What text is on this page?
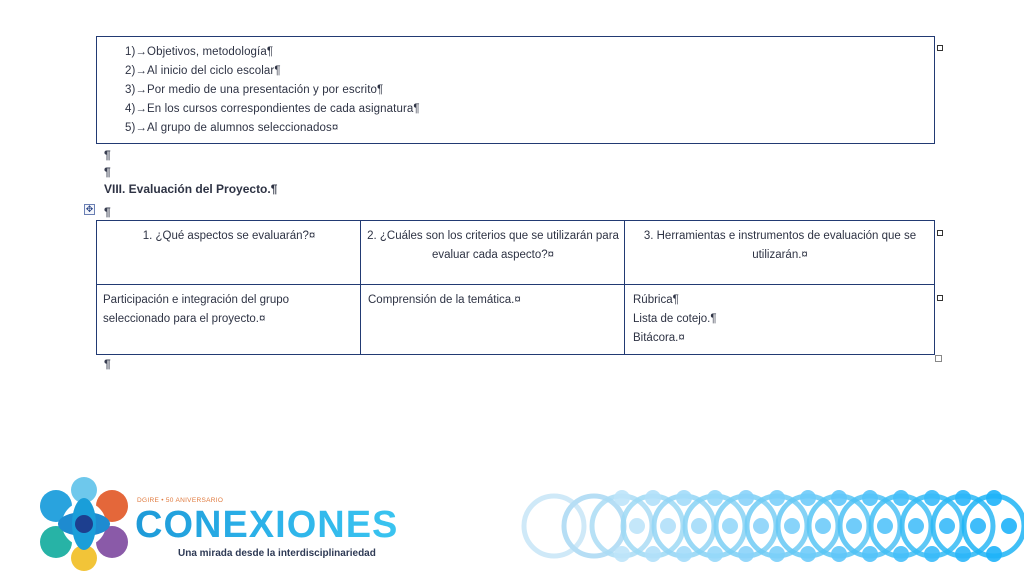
1)→Objetivos, metodología¶
2)→Al inicio del ciclo escolar¶
3)→Por medio de una presentación y por escrito¶
4)→En los cursos correspondientes de cada asignatura¶
5)→Al grupo de alumnos seleccionados¤
¶
¶
VIII. Evaluación del Proyecto.¶
✥ ¶
1. ¿Qué aspectos se evaluarán?¤	2. ¿Cuáles son los criterios que se utilizarán para evaluar cada aspecto?¤
3. Herramientas e instrumentos de evaluación que se utilizarán.¤
Participación e integración del grupo seleccionado para el proyecto.¤
Comprensión de la temática.¤	Rúbrica¶
Lista de cotejo.¶
Bitácora.¤
¶
DGIRE • 50 ANIVERSARIO
CONEXIONES
Una mirada desde la interdisciplinariedad
